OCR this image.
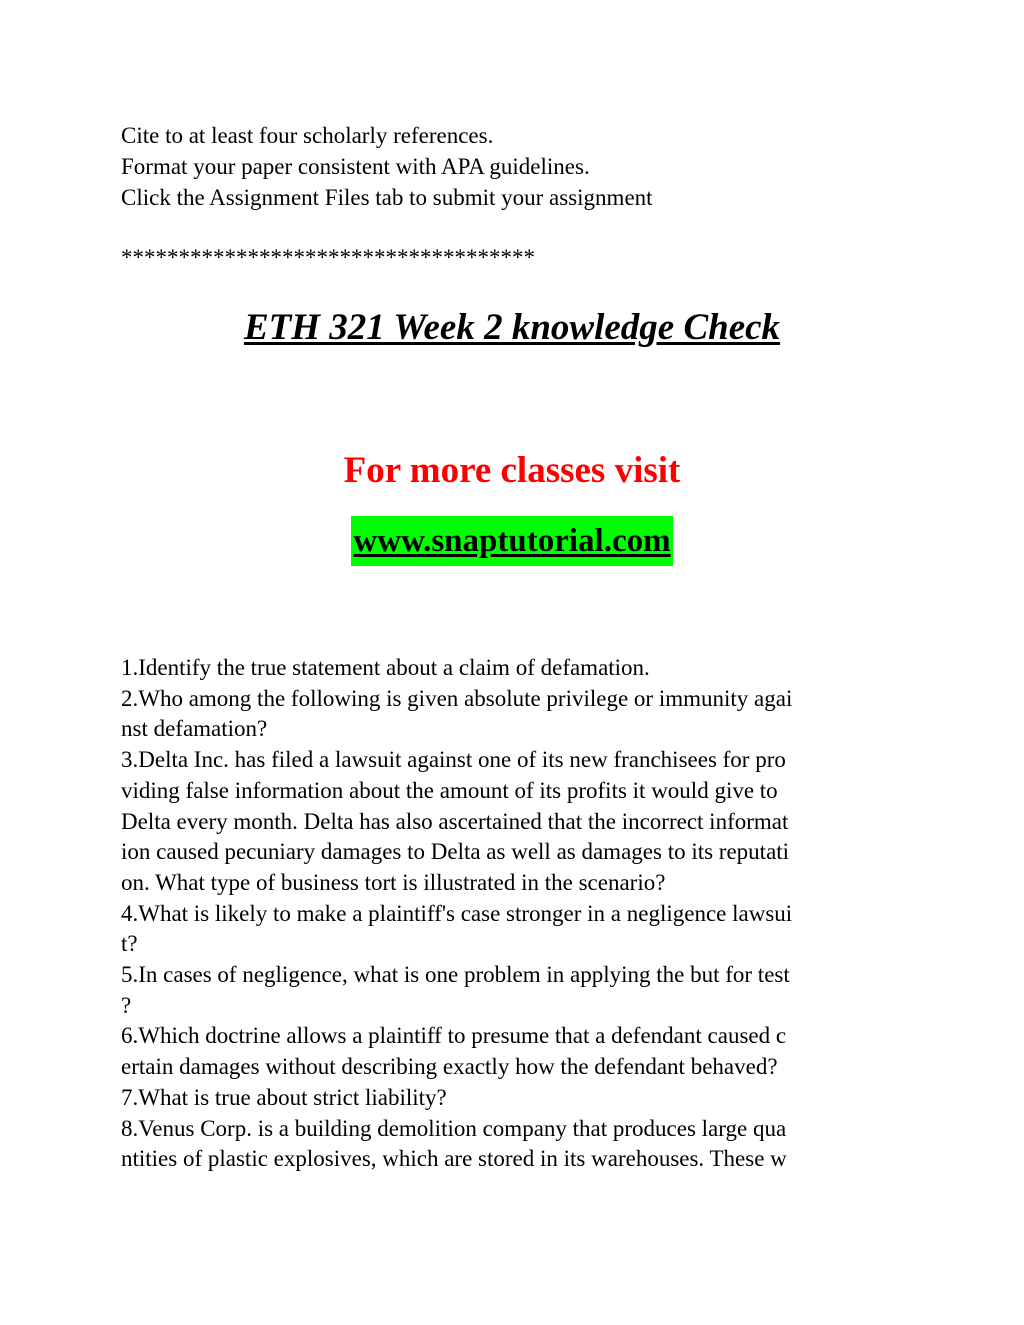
Cite to at least four scholarly references.
Format your paper consistent with APA guidelines.
Click the Assignment Files tab to submit your assignment
************************************
ETH 321 Week 2 knowledge Check
For more classes visit
www.snaptutorial.com
1.Identify the true statement about a claim of defamation.
2.Who among the following is given absolute privilege or immunity agai
nst defamation?
3.Delta Inc. has filed a lawsuit against one of its new franchisees for pro
viding false information about the amount of its profits it would give to
Delta every month. Delta has also ascertained that the incorrect informat
ion caused pecuniary damages to Delta as well as damages to its reputati
on. What type of business tort is illustrated in the scenario?
4.What is likely to make a plaintiff's case stronger in a negligence lawsui
t?
5.In cases of negligence, what is one problem in applying the but for test
?
6.Which doctrine allows a plaintiff to presume that a defendant caused c
ertain damages without describing exactly how the defendant behaved?
7.What is true about strict liability?
8.Venus Corp. is a building demolition company that produces large qua
ntities of plastic explosives, which are stored in its warehouses. These w
